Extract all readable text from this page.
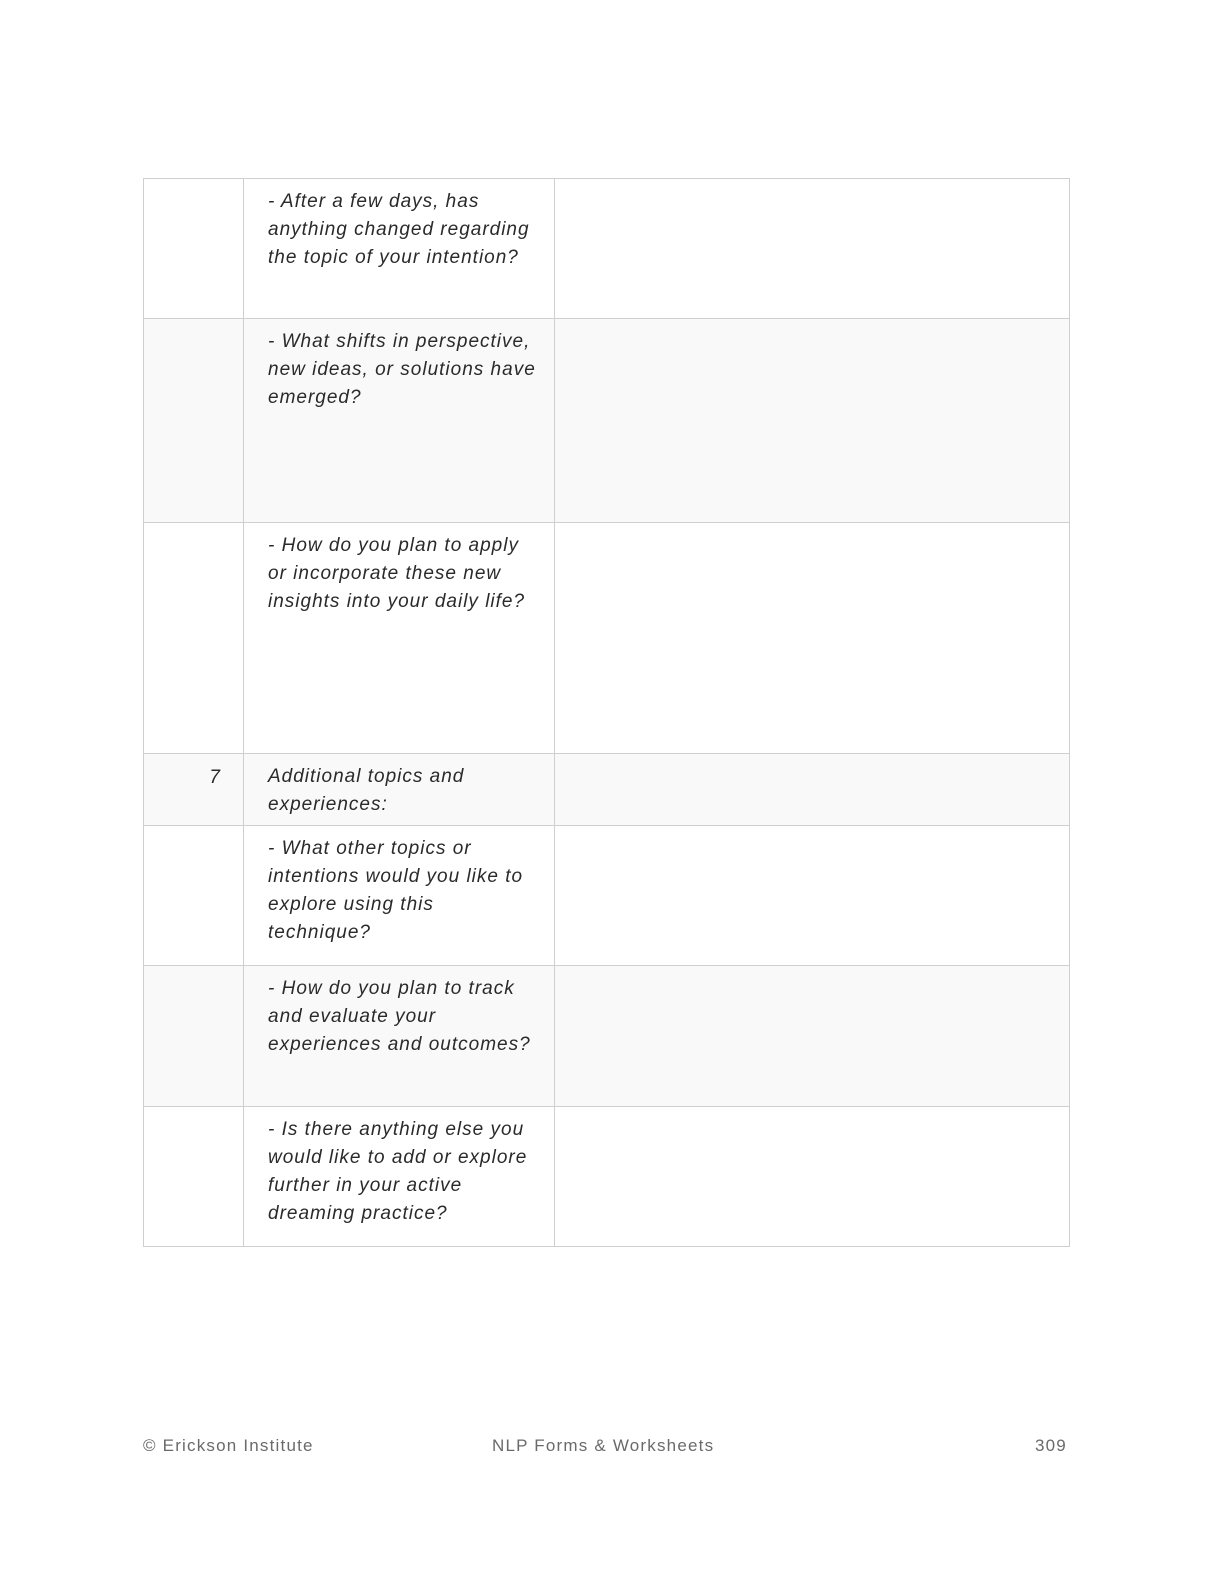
	- After a few days, has anything changed regarding the topic of your intention?	
	- What shifts in perspective, new ideas, or solutions have emerged?	
	- How do you plan to apply or incorporate these new insights into your daily life?	
7	Additional topics and experiences:	
	- What other topics or intentions would you like to explore using this technique?	
	- How do you plan to track and evaluate your experiences and outcomes?	
	- Is there anything else you would like to add or explore further in your active dreaming practice?	
© Erickson Institute	NLP Forms & Worksheets	309
